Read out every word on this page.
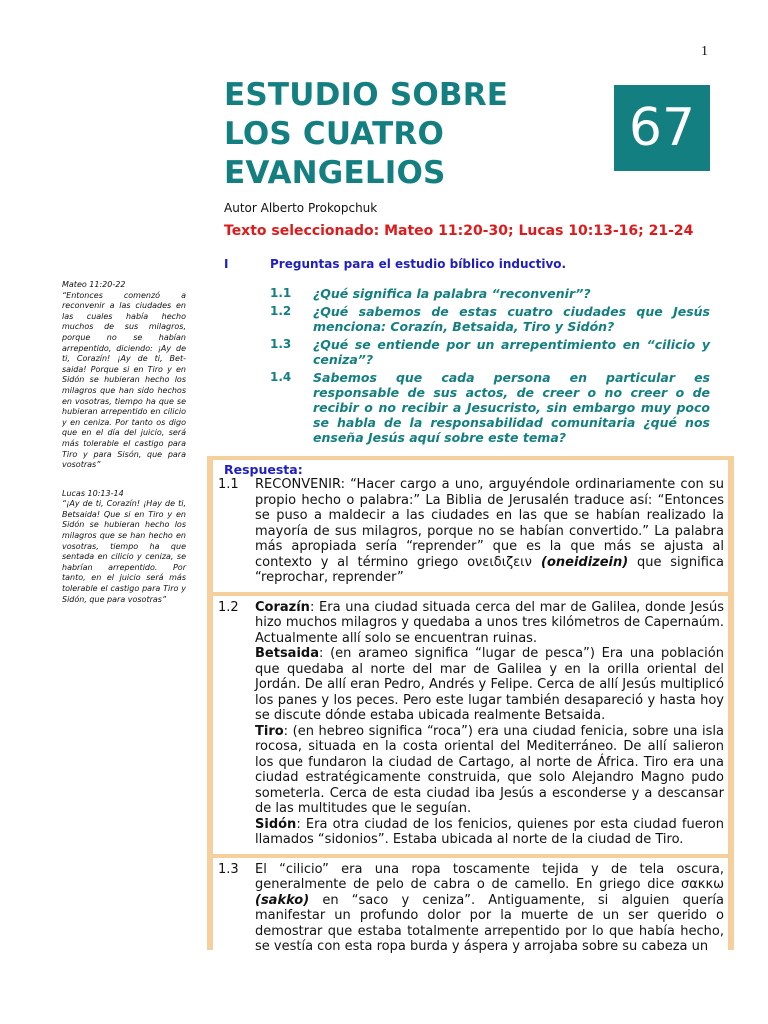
1
ESTUDIO SOBRE
LOS CUATRO
EVANGELIOS
67
Autor Alberto Prokopchuk
Texto seleccionado: Mateo 11:20-30; Lucas 10:13-16; 21-24
I	Preguntas para el estudio bíblico inductivo.
1.1	¿Qué significa la palabra “reconvenir”?
1.2	¿Qué sabemos de estas cuatro ciudades que Jesús menciona: Corazín, Betsaida, Tiro y Sidón?
1.3	¿Qué se entiende por un arrepentimiento en “cilicio y ceniza”?
1.4	Sabemos que cada persona en particular es responsable de sus actos, de creer o no creer o de recibir o no recibir a Jesucristo, sin embargo muy poco se habla de la responsabilidad comunitaria ¿qué nos enseña Jesús aquí sobre este tema?

Mateo 11:20-22

“Entonces comenzó a reconvenir a las ciudades en las cuales había hecho muchos de sus milagros, porque no se habían arrepentido, diciendo: ¡Ay de ti, Corazín! ¡Ay de ti, Bet-saida! Porque si en Tiro y en Sidón se hubieran hecho los milagros que han sido hechos en vosotras, tiempo ha que se hubieran arrepentido en cilicio y en ceniza. Por tanto os digo que en el día del juicio, será más tolerable el castigo para Tiro y para Sisón, que para vosotras”

Lucas 10:13-14

“¡Ay de ti, Corazín! ¡Hay de ti, Betsaida! Que si en Tiro y en Sidón se hubieran hecho los milagros que se han hecho en vosotras, tiempo ha que sentada en cilicio y ceniza, se habrían arrepentido. Por tanto, en el juicio será más tolerable el castigo para Tiro y Sidón, que para vosotras”

Respuesta:
1.1	RECONVENIR: “Hacer cargo a uno, arguyéndole ordinariamente con su propio hecho o palabra:” La Biblia de Jerusalén traduce así: “Entonces se puso a maldecir a las ciudades en las que se habían realizado la mayoría de sus milagros, porque no se habían convertido.” La palabra más apropiada sería “reprender” que es la que más se ajusta al contexto y al término griego ονειδιζειν (oneidizein) que significa “reprochar, reprender”
1.2	Corazín: Era una ciudad situada cerca del mar de Galilea, donde Jesús hizo muchos milagros y quedaba a unos tres kilómetros de Capernaúm. Actualmente allí solo se encuentran ruinas.

Betsaida: (en arameo significa “lugar de pesca”) Era una población que quedaba al norte del mar de Galilea y en la orilla oriental del Jordán. De allí eran Pedro, Andrés y Felipe. Cerca de allí Jesús multiplicó los panes y los peces. Pero este lugar también desapareció y hasta hoy se discute dónde estaba ubicada realmente Betsaida.

Tiro: (en hebreo significa “roca”) era una ciudad fenicia, sobre una isla rocosa, situada en la costa oriental del Mediterráneo. De allí salieron los que fundaron la ciudad de Cartago, al norte de África. Tiro era una ciudad estratégicamente construida, que solo Alejandro Magno pudo someterla. Cerca de esta ciudad iba Jesús a esconderse y a descansar de las multitudes que le seguían.

Sidón: Era otra ciudad de los fenicios, quienes por esta ciudad fueron llamados “sidonios”. Estaba ubicada al norte de la ciudad de Tiro.

1.3	El “cilicio” era una ropa toscamente tejida y de tela oscura, generalmente de pelo de cabra o de camello. En griego dice σακκω (sakko) en “saco y ceniza”. Antiguamente, si alguien quería manifestar un profundo dolor por la muerte de un ser querido o demostrar que estaba totalmente arrepentido por lo que había hecho, se vestía con esta ropa burda y áspera y arrojaba sobre su cabeza un
